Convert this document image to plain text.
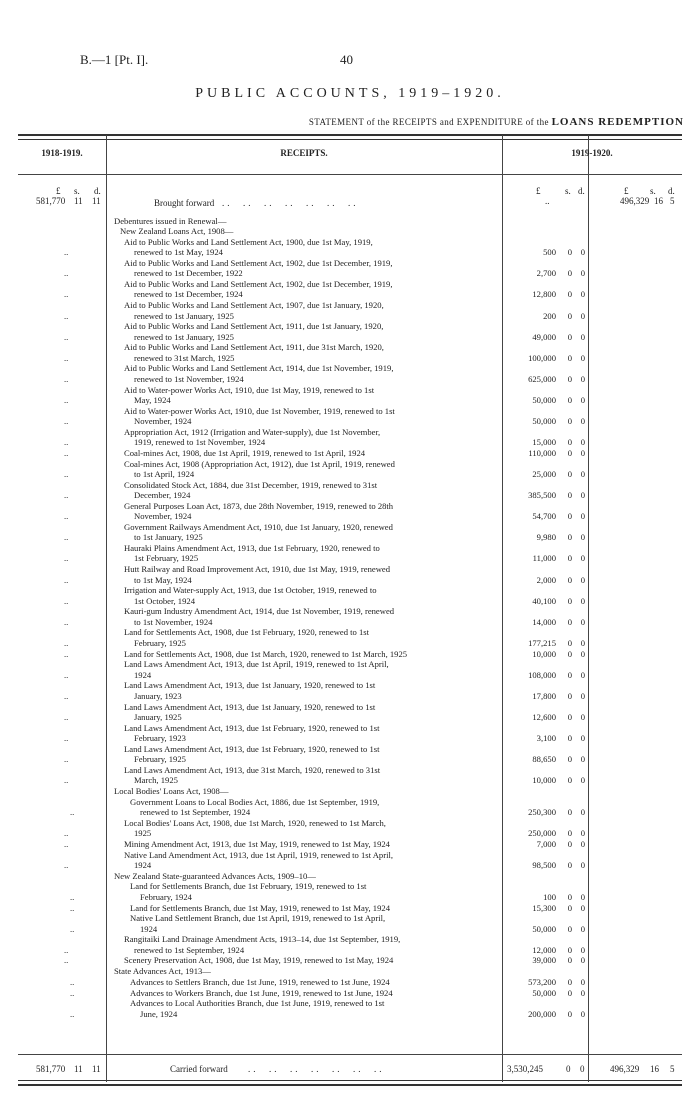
B.—1 [Pt. I].	40
PUBLIC ACCOUNTS, 1919–1920.
STATEMENT of the RECEIPTS and EXPENDITURE of the LOANS REDEMPTION
1918-1919.	RECEIPTS.	1919-1920.
£ s. d.	£	s. d.	£ s. d.
581,770 11 11	Brought forward ..  ..  ..  ..  ..  ..  ..	..	496,329 16 5
Debentures issued in Renewal—
New Zealand Loans Act, 1908—
Aid to Public Works and Land Settlement Act, 1900, due 1st May, 1919,
renewed to 1st May, 1924
..	500	0	0
Aid to Public Works and Land Settlement Act, 1902, due 1st December, 1919,
renewed to 1st December, 1922
..	2,700	0	0
Aid to Public Works and Land Settlement Act, 1902, due 1st December, 1919,
renewed to 1st December, 1924
..	12,800	0	0
Aid to Public Works and Land Settlement Act, 1907, due 1st January, 1920,
renewed to 1st January, 1925
..	200	0	0
Aid to Public Works and Land Settlement Act, 1911, due 1st January, 1920,
renewed to 1st January, 1925
..	49,000	0	0
Aid to Public Works and Land Settlement Act, 1911, due 31st March, 1920,
renewed to 31st March, 1925
..	100,000	0	0
Aid to Public Works and Land Settlement Act, 1914, due 1st November, 1919,
renewed to 1st November, 1924
..	625,000	0	0
Aid to Water-power Works Act, 1910, due 1st May, 1919, renewed to 1st
May, 1924
..	50,000	0	0
Aid to Water-power Works Act, 1910, due 1st November, 1919, renewed to 1st
November, 1924
..	50,000	0	0
Appropriation Act, 1912 (Irrigation and Water-supply), due 1st November,
1919, renewed to 1st November, 1924
..	15,000	0	0
Coal-mines Act, 1908, due 1st April, 1919, renewed to 1st April, 1924
..	110,000	0	0
Coal-mines Act, 1908 (Appropriation Act, 1912), due 1st April, 1919, renewed
to 1st April, 1924
..	25,000	0	0
Consolidated Stock Act, 1884, due 31st December, 1919, renewed to 31st
December, 1924
..	385,500	0	0
General Purposes Loan Act, 1873, due 28th November, 1919, renewed to 28th
November, 1924
..	54,700	0	0
Government Railways Amendment Act, 1910, due 1st January, 1920, renewed
to 1st January, 1925
..	9,980	0	0
Hauraki Plains Amendment Act, 1913, due 1st February, 1920, renewed to
1st February, 1925
..	11,000	0	0
Hutt Railway and Road Improvement Act, 1910, due 1st May, 1919, renewed
to 1st May, 1924
..	2,000	0	0
Irrigation and Water-supply Act, 1913, due 1st October, 1919, renewed to
1st October, 1924
..	40,100	0	0
Kauri-gum Industry Amendment Act, 1914, due 1st November, 1919, renewed
to 1st November, 1924
..	14,000	0	0
Land for Settlements Act, 1908, due 1st February, 1920, renewed to 1st
February, 1925
..	177,215	0	0
Land for Settlements Act, 1908, due 1st March, 1920, renewed to 1st March, 1925
..	10,000	0	0
Land Laws Amendment Act, 1913, due 1st April, 1919, renewed to 1st April,
1924
..	108,000	0	0
Land Laws Amendment Act, 1913, due 1st January, 1920, renewed to 1st
January, 1923
..	17,800	0	0
Land Laws Amendment Act, 1913, due 1st January, 1920, renewed to 1st
January, 1925
..	12,600	0	0
Land Laws Amendment Act, 1913, due 1st February, 1920, renewed to 1st
February, 1923
..	3,100	0	0
Land Laws Amendment Act, 1913, due 1st February, 1920, renewed to 1st
February, 1925
..	88,650	0	0
Land Laws Amendment Act, 1913, due 31st March, 1920, renewed to 31st
March, 1925
..	10,000	0	0
Local Bodies' Loans Act, 1908—
Government Loans to Local Bodies Act, 1886, due 1st September, 1919,
renewed to 1st September, 1924
..	250,300	0	0
Local Bodies' Loans Act, 1908, due 1st March, 1920, renewed to 1st March,
1925
..	250,000	0	0
Mining Amendment Act, 1913, due 1st May, 1919, renewed to 1st May, 1924
..	7,000	0	0
Native Land Amendment Act, 1913, due 1st April, 1919, renewed to 1st April,
1924
..	98,500	0	0
New Zealand State-guaranteed Advances Acts, 1909–10—
Land for Settlements Branch, due 1st February, 1919, renewed to 1st
February, 1924
..	100	0	0
Land for Settlements Branch, due 1st May, 1919, renewed to 1st May, 1924
..	15,300	0	0
Native Land Settlement Branch, due 1st April, 1919, renewed to 1st April,
1924
..	50,000	0	0
Rangitaiki Land Drainage Amendment Acts, 1913–14, due 1st September, 1919,
renewed to 1st September, 1924
..	12,000	0	0
Scenery Preservation Act, 1908, due 1st May, 1919, renewed to 1st May, 1924
..	39,000	0	0
State Advances Act, 1913—
Advances to Settlers Branch, due 1st June, 1919, renewed to 1st June, 1924
..	573,200	0	0
Advances to Workers Branch, due 1st June, 1919, renewed to 1st June, 1924
..	50,000	0	0
Advances to Local Authorities Branch, due 1st June, 1919, renewed to 1st
June, 1924
..	200,000	0	0
581,770 11 11	Carried forward ..  ..  ..  ..  ..  ..  ..	3,530,245	0 0	496,329 16 5
